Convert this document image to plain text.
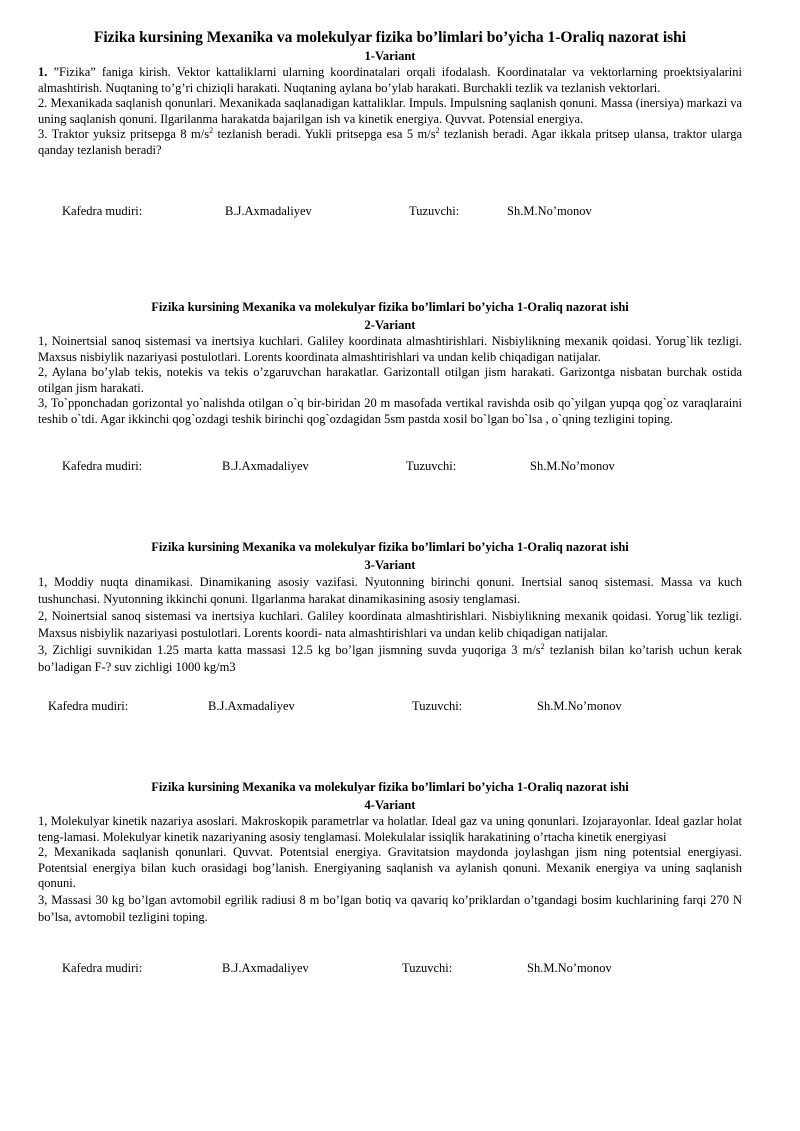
Fizika kursining Mexanika va molekulyar fizika bo’limlari bo’yicha 1-Oraliq nazorat ishi
1-Variant
1. ”Fizika” faniga kirish. Vektor kattaliklarni ularning koordinatalari orqali ifodalash. Koordinatalar va vektorlarning proektsiyalarini almashtirish. Nuqtaning to’g’ri chiziqli harakati. Nuqtaning aylana bo’ylab harakati. Burchakli tezlik va tezlanish vektorlari.
2. Mexanikada saqlanish qonunlari. Mexanikada saqlanadigan kattaliklar. Impuls. Impulsning saqlanish qonuni. Massa (inersiya) markazi va uning saqlanish qonuni. Ilgarilanma harakatda bajarilgan ish va kinetik energiya. Quvvat. Potensial energiya.
3. Traktor yuksiz pritsepga 8 $m/s^2$ tezlanish beradi. Yukli pritsepga esa 5 $m/s^2$ tezlanish beradi. Agar ikkala pritsep ulansa, traktor ularga qanday tezlanish beradi?
Kafedra mudiri:	B.J.Axmadaliyev	Tuzuvchi:	Sh.M.No’monov
Fizika kursining Mexanika va molekulyar fizika bo’limlari bo’yicha 1-Oraliq nazorat ishi
2-Variant
1, Noinertsial sanoq sistemasi va inertsiya kuchlari. Galiley koordinata almashtirishlari. Nisbiylikning mexanik qoidasi. Yorug`lik tezligi. Maxsus nisbiylik nazariyasi postulotlari. Lorents koordinata almashtirishlari va undan kelib chiqadigan natijalar.
2, Aylana bo’ylab tekis, notekis va tekis o’zgaruvchan harakatlar. Garizontall otilgan jism harakati. Garizontga nisbatan burchak ostida otilgan jism harakati.
3, To`pponchadan gorizontal yo`nalishda otilgan o`q bir-biridan 20 m masofada vertikal ravishda osib qo`yilgan yupqa qog`oz varaqlaraini teshib o`tdi. Agar ikkinchi qog`ozdagi teshik birinchi qog`ozdagidan 5sm pastda xosil bo`lgan bo`lsa , o`qning tezligini toping.
Kafedra mudiri:	B.J.Axmadaliyev	Tuzuvchi:	Sh.M.No’monov
Fizika kursining Mexanika va molekulyar fizika bo’limlari bo’yicha 1-Oraliq nazorat ishi
3-Variant
1, Moddiy nuqta dinamikasi. Dinamikaning asosiy vazifasi. Nyutonning birinchi qonuni. Inertsial sanoq sistemasi. Massa va kuch tushunchasi. Nyutonning ikkinchi qonuni. Ilgarlanma harakat dinamikasining asosiy tenglamasi.
2, Noinertsial sanoq sistemasi va inertsiya kuchlari. Galiley koordinata almashtirishlari. Nisbiylikning mexanik qoidasi. Yorug`lik tezligi. Maxsus nisbiylik nazariyasi postulotlari. Lorents koordi- nata almashtirishlari va undan kelib chiqadigan natijalar.
3, Zichligi suvnikidan 1.25 marta katta massasi 12.5 kg bo’lgan jismning suvda yuqoriga 3 $m/s^2$ tezlanish bilan ko’tarish uchun kerak bo’ladigan F-? suv zichligi 1000 kg/m3
Kafedra mudiri:	B.J.Axmadaliyev	Tuzuvchi:	Sh.M.No’monov
Fizika kursining Mexanika va molekulyar fizika bo’limlari bo’yicha 1-Oraliq nazorat ishi
4-Variant
1, Molekulyar kinetik nazariya asoslari. Makroskopik parametrlar va holatlar. Ideal gaz va uning qonunlari. Izojarayonlar. Ideal gazlar holat teng-lamasi. Molekulyar kinetik nazariyaning asosiy tenglamasi. Molekulalar issiqlik harakatining o’rtacha kinetik energiyasi
2, Mexanikada saqlanish qonunlari. Quvvat. Potentsial energiya. Gravitatsion maydonda joylashgan jism ning potentsial energiyasi. Potentsial energiya bilan kuch orasidagi bog’lanish. Energiyaning saqlanish va aylanish qonuni. Mexanik energiya va uning saqlanish qonuni.
3, Massasi 30 kg bo’lgan avtomobil egrilik radiusi 8 m bo’lgan botiq va qavariq ko’priklardan o’tgandagi bosim kuchlarining farqi 270 N bo’lsa, avtomobil tezligini toping.
Kafedra mudiri:	B.J.Axmadaliyev	Tuzuvchi:	Sh.M.No’monov
